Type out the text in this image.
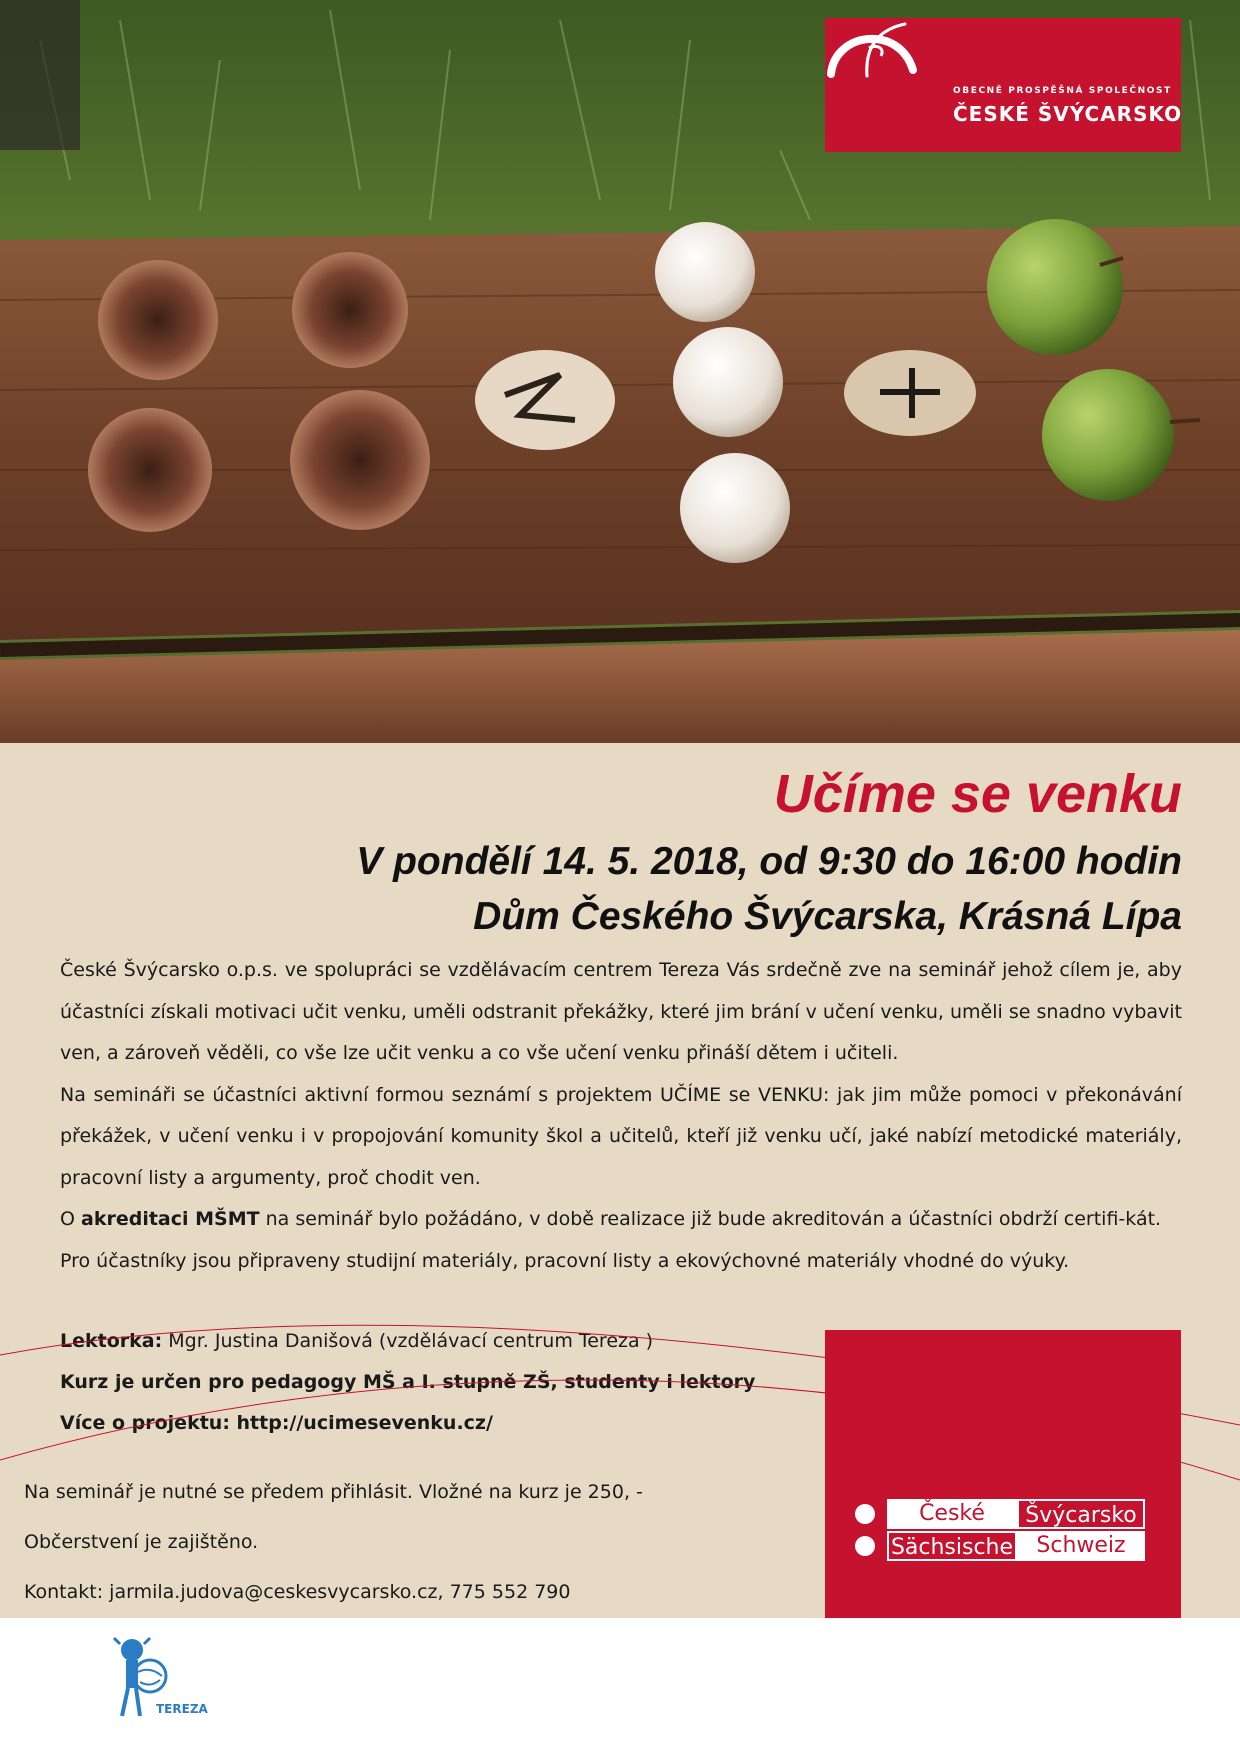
OBECNĚ PROSPĚŠNÁ SPOLEČNOST
ČESKÉ ŠVÝCARSKO
Učíme se venku
V pondělí 14. 5. 2018, od 9:30 do 16:00 hodin
Dům Českého Švýcarska, Krásná Lípa

České Švýcarsko o.p.s. ve spolupráci se vzdělávacím centrem Tereza Vás srdečně zve na seminář jehož cílem je, aby účastníci získali motivaci učit venku, uměli odstranit překážky, které jim brání v učení venku, uměli se snadno vybavit ven, a zároveň věděli, co vše lze učit venku a co vše učení venku přináší dětem i učiteli.

Na semináři se účastníci aktivní formou seznámí s projektem UČÍME se VENKU: jak jim může pomoci v překonávání překážek, v učení venku i v propojování komunity škol a učitelů, kteří již venku učí, jaké nabízí metodické materiály, pracovní listy a argumenty, proč chodit ven.

O akreditaci MŠMT na seminář bylo požádáno, v době realizace již bude akreditován a účastníci obdrží certifi-kát.

Pro účastníky jsou připraveny studijní materiály, pracovní listy a ekovýchovné materiály vhodné do výuky.

Lektorka: Mgr. Justina Danišová (vzdělávací centrum Tereza )
Kurz je určen pro pedagogy MŠ a I. stupně ZŠ, studenty i lektory
Více o projektu: http://ucimesevenku.cz/
Na seminář je nutné se předem přihlásit. Vložné na kurz je 250, -
Občerstvení je zajištěno.
Kontakt: jarmila.judova@ceskesvycarsko.cz, 775 552 790
České	Švýcarsko
Sächsische	Schweiz
TEREZA
